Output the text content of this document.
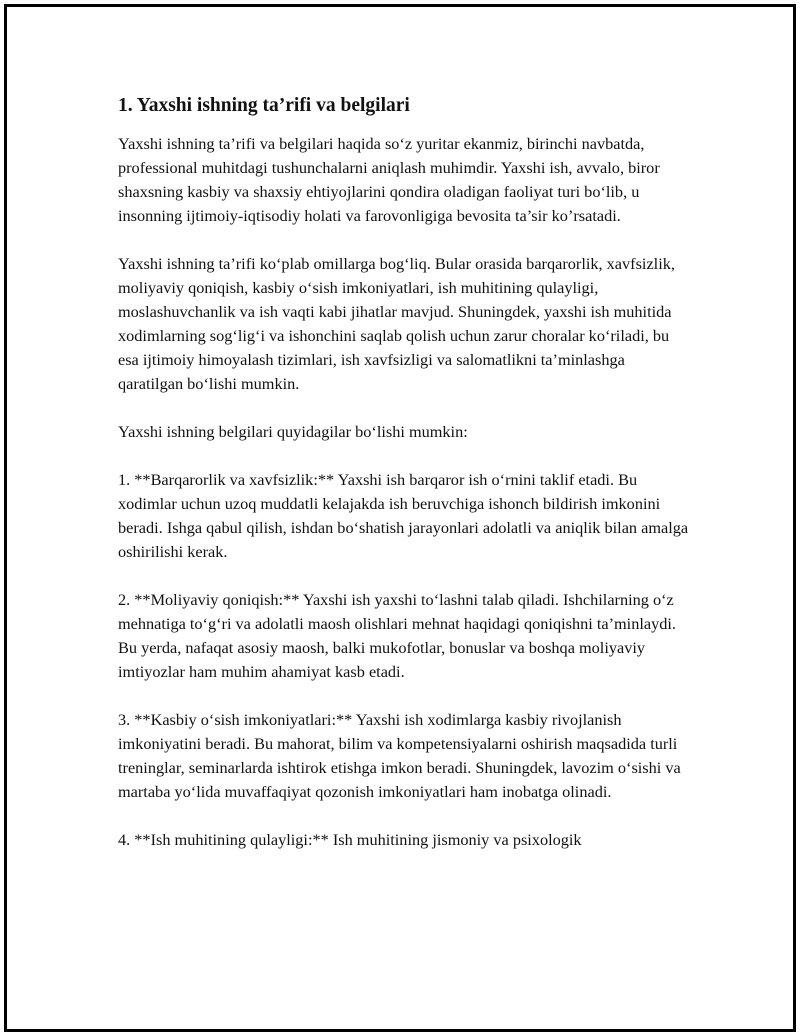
1. Yaxshi ishning ta’rifi va belgilari

Yaxshi ishning ta’rifi va belgilari haqida so‘z yuritar ekanmiz, birinchi navbatda, professional muhitdagi tushunchalarni aniqlash muhimdir. Yaxshi ish, avvalo, biror shaxsning kasbiy va shaxsiy ehtiyojlarini qondira oladigan faoliyat turi bo‘lib, u insonning ijtimoiy-iqtisodiy holati va farovonligiga bevosita ta’sir ko’rsatadi.

Yaxshi ishning ta’rifi ko‘plab omillarga bog‘liq. Bular orasida barqarorlik, xavfsizlik, moliyaviy qoniqish, kasbiy o‘sish imkoniyatlari, ish muhitining qulayligi, moslashuvchanlik va ish vaqti kabi jihatlar mavjud. Shuningdek, yaxshi ish muhitida xodimlarning sog‘lig‘i va ishonchini saqlab qolish uchun zarur choralar ko‘riladi, bu esa ijtimoiy himoyalash tizimlari, ish xavfsizligi va salomatlikni ta’minlashga qaratilgan bo‘lishi mumkin.

Yaxshi ishning belgilari quyidagilar bo‘lishi mumkin:

1. **Barqarorlik va xavfsizlik:** Yaxshi ish barqaror ish o‘rnini taklif etadi. Bu xodimlar uchun uzoq muddatli kelajakda ish beruvchiga ishonch bildirish imkonini beradi. Ishga qabul qilish, ishdan bo‘shatish jarayonlari adolatli va aniqlik bilan amalga oshirilishi kerak.

2. **Moliyaviy qoniqish:** Yaxshi ish yaxshi to‘lashni talab qiladi. Ishchilarning o‘z mehnatiga to‘g‘ri va adolatli maosh olishlari mehnat haqidagi qoniqishni ta’minlaydi. Bu yerda, nafaqat asosiy maosh, balki mukofotlar, bonuslar va boshqa moliyaviy imtiyozlar ham muhim ahamiyat kasb etadi.

3. **Kasbiy o‘sish imkoniyatlari:** Yaxshi ish xodimlarga kasbiy rivojlanish imkoniyatini beradi. Bu mahorat, bilim va kompetensiyalarni oshirish maqsadida turli treninglar, seminarlarda ishtirok etishga imkon beradi. Shuningdek, lavozim o‘sishi va martaba yo‘lida muvaffaqiyat qozonish imkoniyatlari ham inobatga olinadi.

4. **Ish muhitining qulayligi:** Ish muhitining jismoniy va psixologik
